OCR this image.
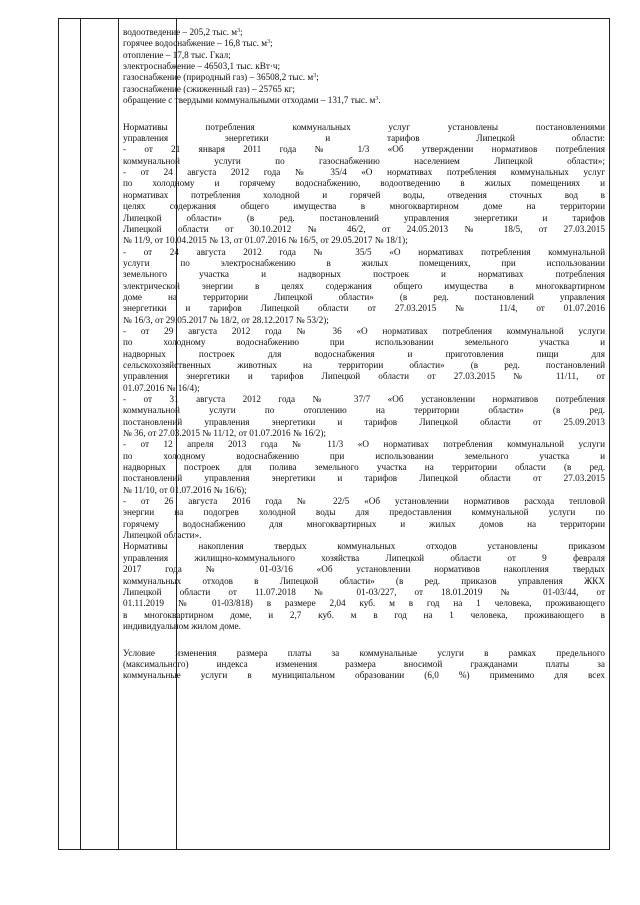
водоотведение – 205,2 тыс. $м^3$;

горячее водоснабжение – 16,8 тыс. $м^3$;

отопление – 17,8 тыс. Гкал;

электроснабжение – 46503,1 тыс. кВт·ч;

газоснабжение (природный газ) – 36508,2 тыс. $м^3$;

газоснабжение (сжиженный газ) – 25765 кг;

обращение с твердыми коммунальными отходами – 131,7 тыс. $м^3$.

Нормативы потребления коммунальных услуг установлены постановлениями

управления энергетики и тарифов Липецкой области:

- от 21 января 2011 года № 1/3 «Об утверждении нормативов потребления

коммунальной услуги по газоснабжению населением Липецкой области»;

- от 24 августа 2012 года № 35/4 «О нормативах потребления коммунальных услуг

по холодному и горячему водоснабжению, водоотведению в жилых помещениях и

нормативах потребления холодной и горячей воды, отведения сточных вод в

целях содержания общего имущества в многоквартирном доме на территории

Липецкой области» (в ред. постановлений управления энергетики и тарифов

Липецкой области от 30.10.2012 № 46/2, от 24.05.2013 № 18/5, от 27.03.2015

№ 11/9, от 10.04.2015 № 13, от 01.07.2016 № 16/5, от 29.05.2017 № 18/1);

- от 24 августа 2012 года № 35/5 «О нормативах потребления коммунальной

услуги по электроснабжению в жилых помещениях, при использовании

земельного участка и надворных построек и нормативах потребления

электрической энергии в целях содержания общего имущества в многоквартирном

доме на территории Липецкой области» (в ред. постановлений управления

энергетики и тарифов Липецкой области от 27.03.2015 № 11/4, от 01.07.2016

№ 16/3, от 29.05.2017 № 18/2, от 28.12.2017 № 53/2);

- от 29 августа 2012 года № 36 «О нормативах потребления коммунальной услуги

по холодному водоснабжению при использовании земельного участка и

надворных построек для водоснабжения и приготовления пищи для

сельскохозяйственных животных на территории области» (в ред. постановлений

управления энергетики и тарифов Липецкой области от 27.03.2015 № 11/11, от

01.07.2016 № 16/4);

- от 31 августа 2012 года № 37/7 «Об установлении нормативов потребления

коммунальной услуги по отоплению на территории области» (в ред.

постановлений управления энергетики и тарифов Липецкой области от 25.09.2013

№ 36, от 27.03.2015 № 11/12, от 01.07.2016 № 16/2);

- от 12 апреля 2013 года № 11/3 «О нормативах потребления коммунальной услуги

по холодному водоснабжению при использовании земельного участка и

надворных построек для полива земельного участка на территории области (в ред.

постановлений управления энергетики и тарифов Липецкой области от 27.03.2015

№ 11/10, от 01.07.2016 № 16/6);

- от 26 августа 2016 года № 22/5 «Об установлении нормативов расхода тепловой

энергии на подогрев холодной воды для предоставления коммунальной услуги по

горячему водоснабжению для многоквартирных и жилых домов на территории

Липецкой области».

Нормативы накопления твердых коммунальных отходов установлены приказом

управления жилищно-коммунального хозяйства Липецкой области от 9 февраля

2017 года № 01-03/16 «Об установлении нормативов накопления твердых

коммунальных отходов в Липецкой области» (в ред. приказов управления ЖКХ

Липецкой области от 11.07.2018 № 01-03/227, от 18.01.2019 № 01-03/44, от

01.11.2019 № 01-03/818) в размере 2,04 куб. м в год на 1 человека, проживающего

в многоквартирном доме, и 2,7 куб. м в год на 1 человека, проживающего в

индивидуальном жилом доме.

Условие изменения размера платы за коммунальные услуги в рамках предельного

(максимального) индекса изменения размера вносимой гражданами платы за

коммунальные услуги в муниципальном образовании (6,0 %) применимо для всех
